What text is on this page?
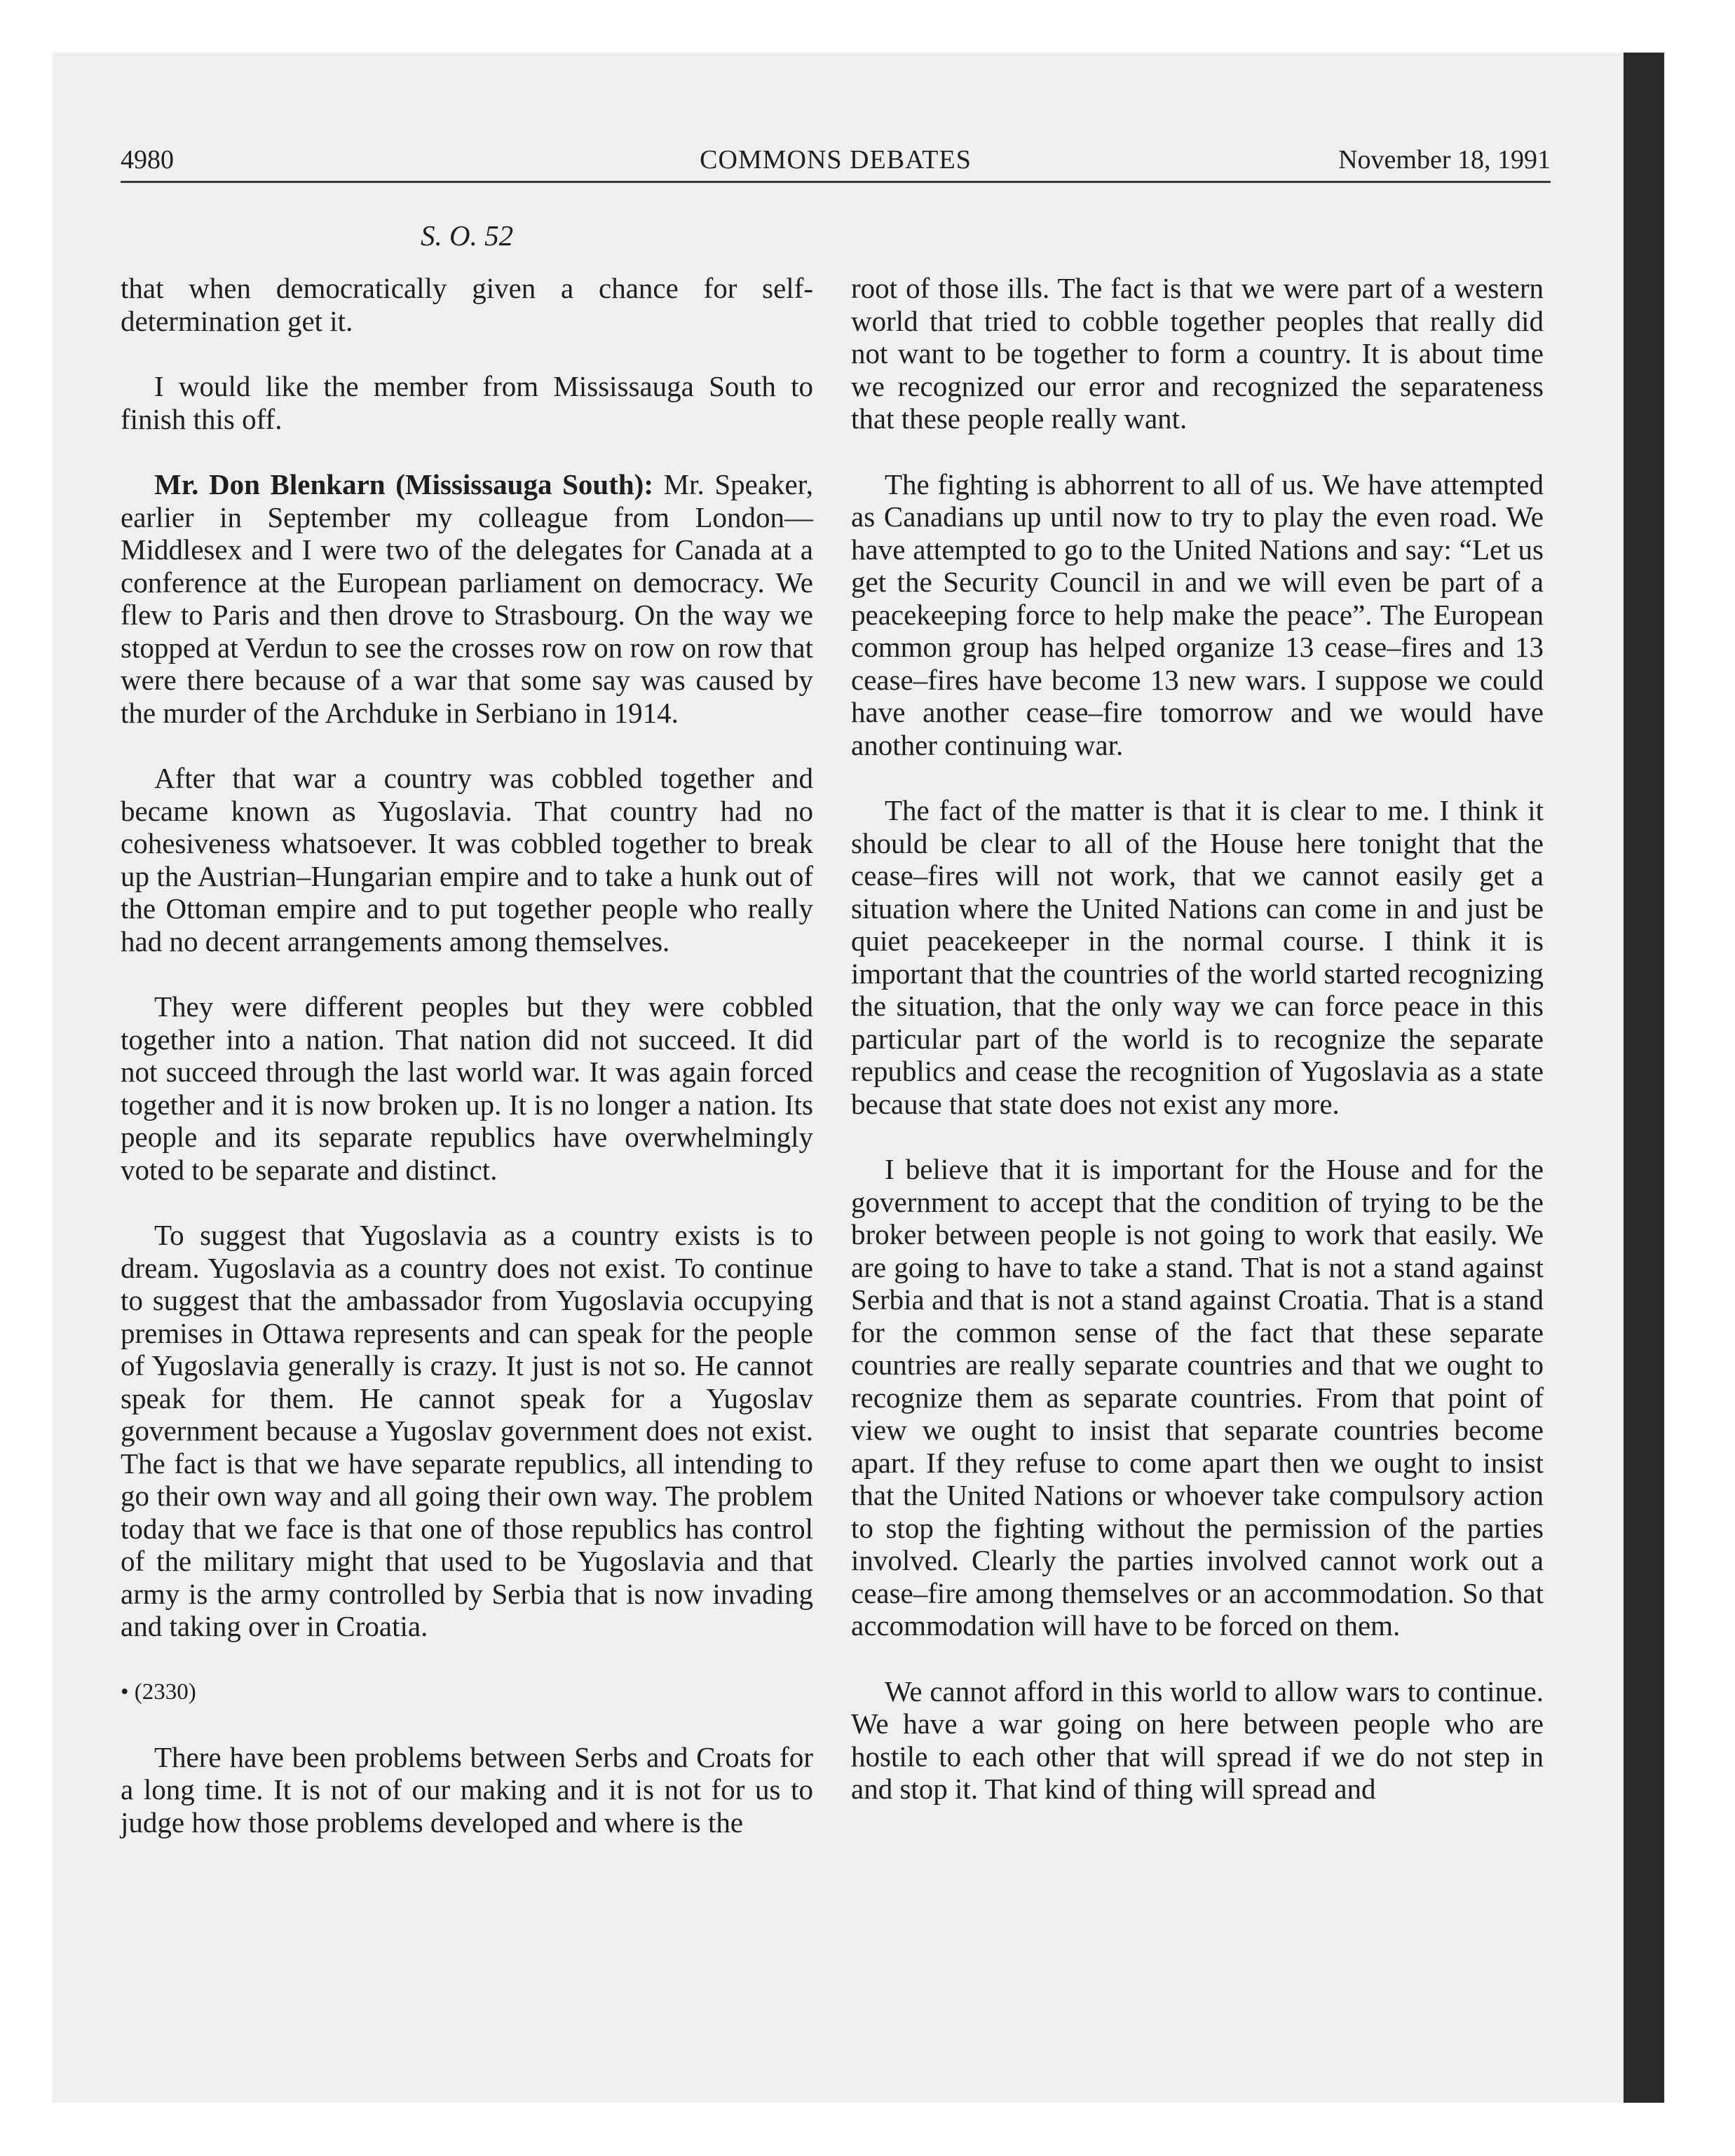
4980	COMMONS DEBATES	November 18, 1991
S. O. 52

that when democratically given a chance for self-determination get it.

I would like the member from Mississauga South to finish this off.

Mr. Don Blenkarn (Mississauga South): Mr. Speaker, earlier in September my colleague from London—Middlesex and I were two of the delegates for Canada at a conference at the European parliament on democracy. We flew to Paris and then drove to Strasbourg. On the way we stopped at Verdun to see the crosses row on row on row that were there because of a war that some say was caused by the murder of the Archduke in Serbiano in 1914.

After that war a country was cobbled together and became known as Yugoslavia. That country had no cohesiveness whatsoever. It was cobbled together to break up the Austrian–Hungarian empire and to take a hunk out of the Ottoman empire and to put together people who really had no decent arrangements among themselves.

They were different peoples but they were cobbled together into a nation. That nation did not succeed. It did not succeed through the last world war. It was again forced together and it is now broken up. It is no longer a nation. Its people and its separate republics have overwhelmingly voted to be separate and distinct.

To suggest that Yugoslavia as a country exists is to dream. Yugoslavia as a country does not exist. To continue to suggest that the ambassador from Yugoslavia occupying premises in Ottawa represents and can speak for the people of Yugoslavia generally is crazy. It just is not so. He cannot speak for them. He cannot speak for a Yugoslav government because a Yugoslav government does not exist. The fact is that we have separate republics, all intending to go their own way and all going their own way. The problem today that we face is that one of those republics has control of the military might that used to be Yugoslavia and that army is the army controlled by Serbia that is now invading and taking over in Croatia.

• (2330)

There have been problems between Serbs and Croats for a long time. It is not of our making and it is not for us to judge how those problems developed and where is the

root of those ills. The fact is that we were part of a western world that tried to cobble together peoples that really did not want to be together to form a country. It is about time we recognized our error and recognized the separateness that these people really want.

The fighting is abhorrent to all of us. We have attempted as Canadians up until now to try to play the even road. We have attempted to go to the United Nations and say: “Let us get the Security Council in and we will even be part of a peacekeeping force to help make the peace”. The European common group has helped organize 13 cease–fires and 13 cease–fires have become 13 new wars. I suppose we could have another cease–fire tomorrow and we would have another continuing war.

The fact of the matter is that it is clear to me. I think it should be clear to all of the House here tonight that the cease–fires will not work, that we cannot easily get a situation where the United Nations can come in and just be quiet peacekeeper in the normal course. I think it is important that the countries of the world started recognizing the situation, that the only way we can force peace in this particular part of the world is to recognize the separate republics and cease the recognition of Yugoslavia as a state because that state does not exist any more.

I believe that it is important for the House and for the government to accept that the condition of trying to be the broker between people is not going to work that easily. We are going to have to take a stand. That is not a stand against Serbia and that is not a stand against Croatia. That is a stand for the common sense of the fact that these separate countries are really separate countries and that we ought to recognize them as separate countries. From that point of view we ought to insist that separate countries become apart. If they refuse to come apart then we ought to insist that the United Nations or whoever take compulsory action to stop the fighting without the permission of the parties involved. Clearly the parties involved cannot work out a cease–fire among themselves or an accommodation. So that accommodation will have to be forced on them.

We cannot afford in this world to allow wars to continue. We have a war going on here between people who are hostile to each other that will spread if we do not step in and stop it. That kind of thing will spread and
